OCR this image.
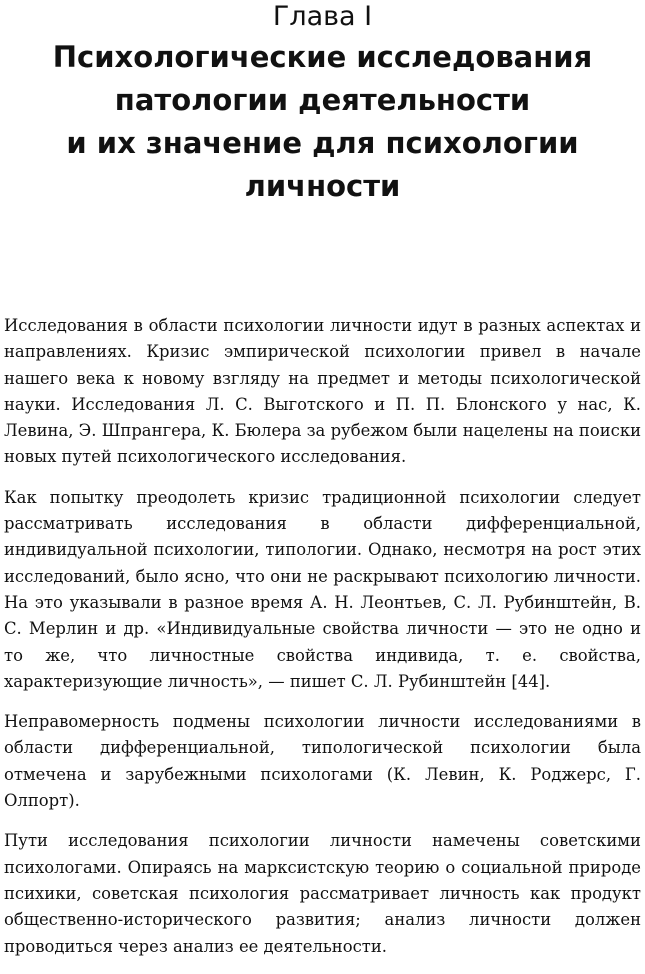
Глава I
Психологические исследования
патологии деятельности
и их значение для психологии
личности

Исследования в области психологии личности идут в разных аспектах и направлениях. Кризис эмпирической психологии привел в начале нашего века к новому взгляду на предмет и методы психологической науки. Исследования Л. С. Выготского и П. П. Блонского у нас, К. Левина, Э. Шпрангера, К. Бюлера за рубежом были нацелены на поиски новых путей психологического исследования.

Как попытку преодолеть кризис традиционной психологии следует рассматривать исследования в области дифференциальной, индивидуальной психологии, типологии. Однако, несмотря на рост этих исследований, было ясно, что они не раскрывают психологию личности. На это указывали в разное время А. Н. Леонтьев, С. Л. Рубинштейн, В. С. Мерлин и др. «Индивидуальные свойства личности — это не одно и то же, что личностные свойства индивида, т. е. свойства, характеризующие личность», — пишет С. Л. Рубинштейн [44].

Неправомерность подмены психологии личности исследованиями в области дифференциальной, типологической психологии была отмечена и зарубежными психологами (К. Левин, К. Роджерс, Г. Олпорт).

Пути исследования психологии личности намечены советскими психологами. Опираясь на марксистскую теорию о социальной природе психики, советская психология рассматривает личность как продукт общественно-исторического развития; анализ личности должен проводиться через анализ ее деятельности.
